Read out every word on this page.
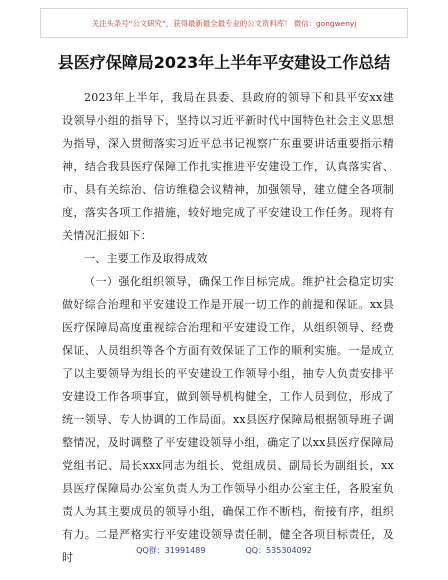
关注头条号“公文研究”，获得最新最全最专业的公文资料库！ 微信：gongwenyj
县医疗保障局2023年上半年平安建设工作总结

2023年上半年，我局在县委、县政府的领导下和县平安xx建设领导小组的指导下，坚持以习近平新时代中国特色社会主义思想为指导，深入贯彻落实习近平总书记视察广东重要讲话重要指示精神，结合我县医疗保障工作扎实推进平安建设工作，认真落实省、市、县有关综治、信访维稳会议精神，加强领导，建立健全各项制度，落实各项工作措施，较好地完成了平安建设工作任务。现将有关情况汇报如下：

一、主要工作及取得成效

（一）强化组织领导，确保工作目标完成。维护社会稳定切实做好综合治理和平安建设工作是开展一切工作的前提和保证。xx县医疗保障局高度重视综合治理和平安建设工作，从组织领导、经费保证、人员组织等各个方面有效保证了工作的顺利实施。一是成立了以主要领导为组长的平安建设工作领导小组，抽专人负责安排平安建设工作各项事宜，做到领导机构健全，工作人员到位，形成了统一领导、专人协调的工作局面。xx县医疗保障局根据领导班子调整情况，及时调整了平安建设领导小组，确定了以xx县医疗保障局党组书记、局长xxx同志为组长、党组成员、副局长为副组长，xx县医疗保障局办公室负责人为工作领导小组办公室主任，各股室负责人为其主要成员的领导小组，确保工作不断档，衔接有序，组织有力。二是严格实行平安建设领导责任制，健全各项目标责任，及时

QQ群：31991489	QQ：535304092
